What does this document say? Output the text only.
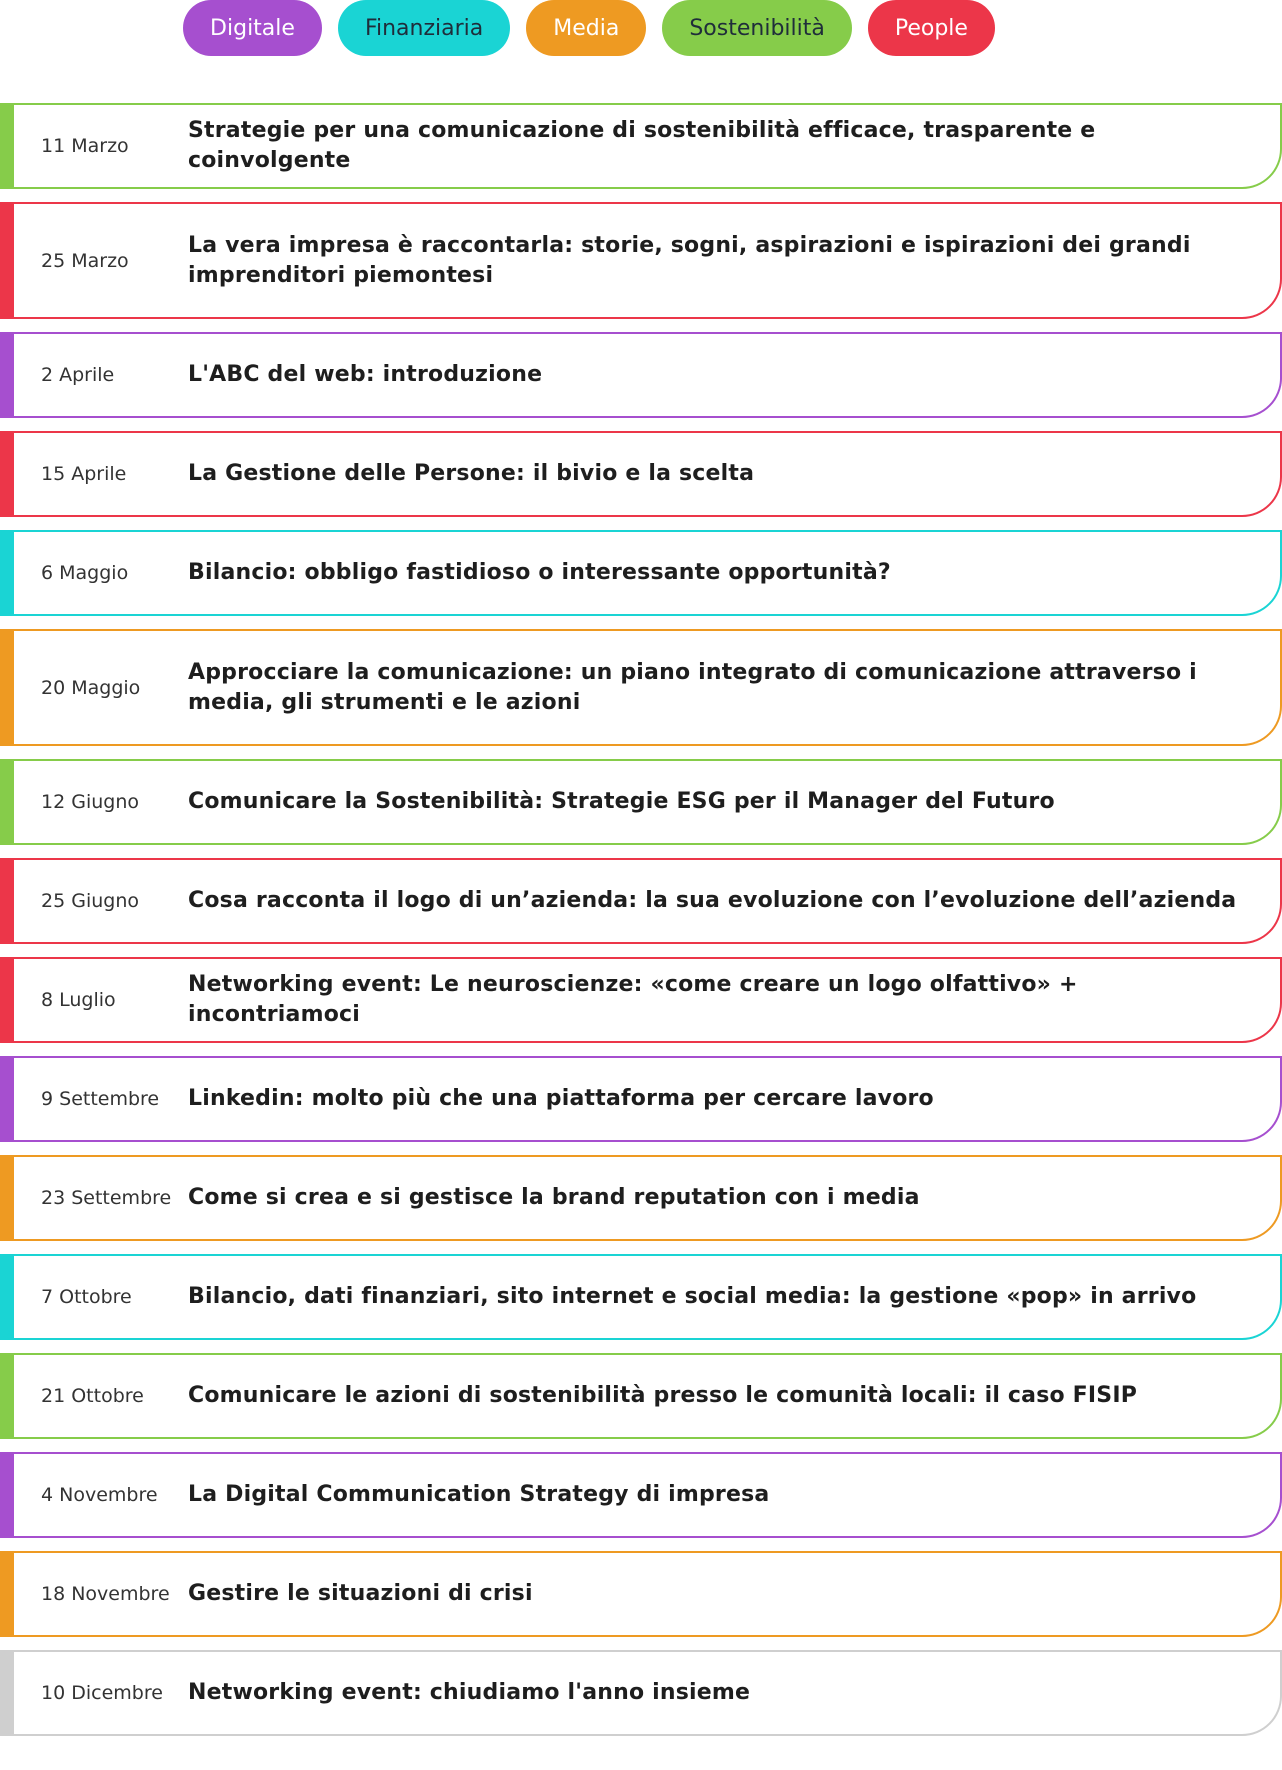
Digitale	Finanziaria	Media	Sostenibilità	People
11 Marzo
Strategie per una comunicazione di sostenibilità efficace, trasparente e coinvolgente
25 Marzo
La vera impresa è raccontarla: storie, sogni, aspirazioni e ispirazioni dei grandi imprenditori piemontesi
2 Aprile	L'ABC del web: introduzione
15 Aprile	La Gestione delle Persone: il bivio e la scelta
6 Maggio	Bilancio: obbligo fastidioso o interessante opportunità?
20 Maggio
Approcciare la comunicazione: un piano integrato di comunicazione attraverso i media, gli strumenti e le azioni
12 Giugno Comunicare la Sostenibilità: Strategie ESG per il Manager del Futuro
25 Giugno Cosa racconta il logo di un’azienda: la sua evoluzione con l’evoluzione dell’azienda
8 Luglio
Networking event: Le neuroscienze: «come creare un logo olfattivo» + incontriamoci
9 Settembre Linkedin: molto più che una piattaforma per cercare lavoro
23 Settembre Come si crea e si gestisce la brand reputation con i media
7 Ottobre	Bilancio, dati finanziari, sito internet e social media: la gestione «pop» in arrivo
21 Ottobre Comunicare le azioni di sostenibilità presso le comunità locali: il caso FISIP
4 Novembre La Digital Communication Strategy di impresa
18 Novembre Gestire le situazioni di crisi
10 Dicembre Networking event: chiudiamo l'anno insieme
